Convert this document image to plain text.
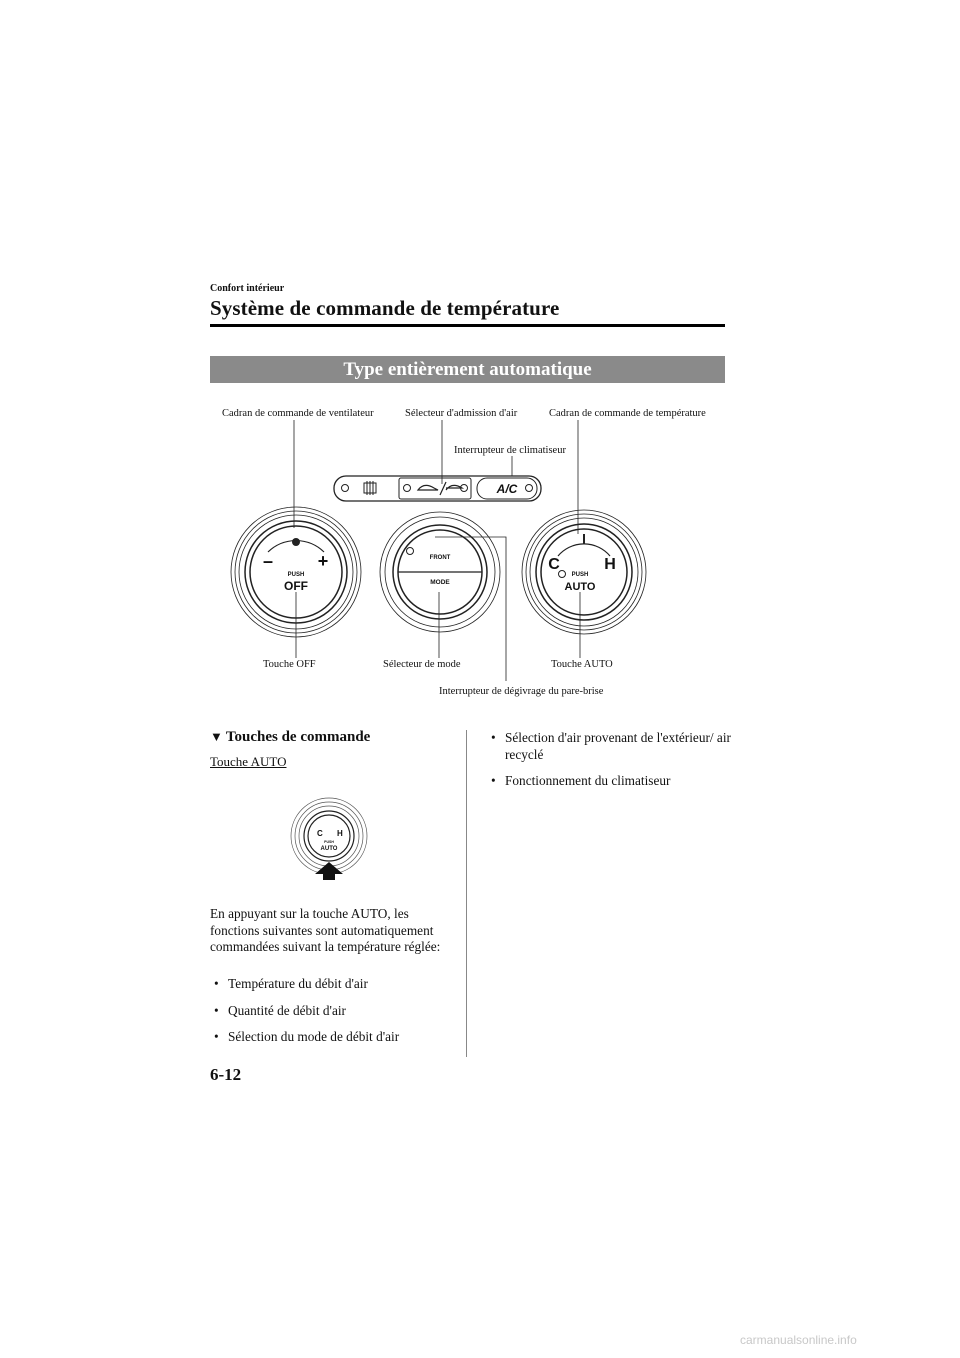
Confort intérieur
Système de commande de température
Type entièrement automatique
Cadran de commande de ventilateur	Sélecteur d'admission d'air	Cadran de commande de température
Interrupteur de climatiseur
A/C
– +
PUSH
OFF
FRONT
MODE
C	H
PUSH
AUTO
Touche OFF	Sélecteur de mode	Touche AUTO
Interrupteur de dégivrage du pare-brise
▼ Touches de commande
Touche AUTO
C H
PUSH
AUTO
En appuyant sur la touche AUTO, les fonctions suivantes sont automatiquement commandées suivant la température réglée:
• Température du débit d'air
• Quantité de débit d'air
• Sélection du mode de débit d'air
• Sélection d'air provenant de l'extérieur/ air recyclé
• Fonctionnement du climatiseur
6-12
carmanualsonline.info
